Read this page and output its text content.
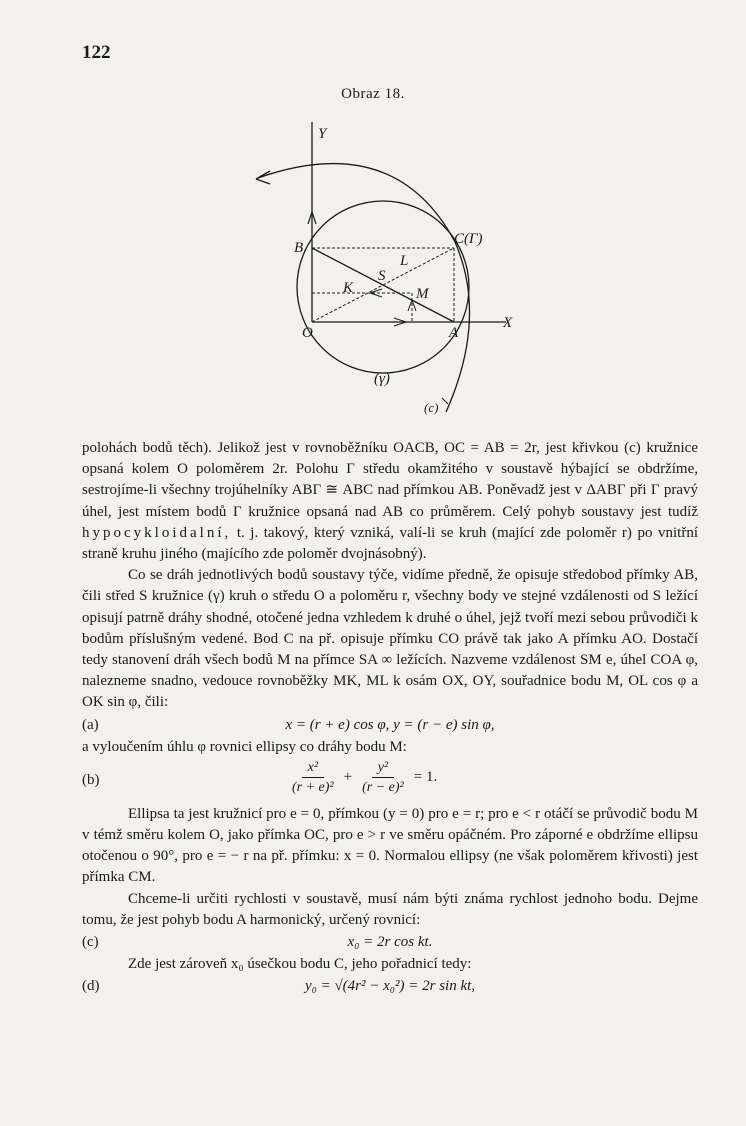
122
Obraz 18.
Y
X
B
C(Γ)
L
S
K	M
O	A
(γ)
(c)

polohách bodů těch). Jelikož jest v rovnoběžníku OACB, OC = AB = 2r, jest křivkou (c) kružnice opsaná kolem O poloměrem 2r. Polohu Γ středu okamžitého v soustavě hýbající se obdržíme, sestrojíme-li všechny trojúhelníky ABΓ ≅ ABC nad přímkou AB. Poněvadž jest v ΔABΓ při Γ pravý úhel, jest místem bodů Γ kružnice opsaná nad AB co průměrem. Celý pohyb soustavy jest tudíž hypocykloidalní, t. j. takový, který vzniká, valí-li se kruh (mající zde poloměr r) po vnitřní straně kruhu jiného (majícího zde poloměr dvojnásobný).

Co se dráh jednotlivých bodů soustavy týče, vidíme předně, že opisuje středobod přímky AB, čili střed S kružnice (γ) kruh o středu O a poloměru r, všechny body ve stejné vzdálenosti od S ležící opisují patrně dráhy shodné, otočené jedna vzhledem k druhé o úhel, jejž tvoří mezi sebou průvodiči k bodům příslušným vedené. Bod C na př. opisuje přímku CO právě tak jako A přímku AO. Dostačí tedy stanovení dráh všech bodů M na přímce SA ∞ ležících. Nazveme vzdálenost SM e, úhel COA φ, nalezneme snadno, vedouce rovnoběžky MK, ML k osám OX, OY, souřadnice bodu M, OL cos φ a OK sin φ, čili:

(a)	x = (r + e) cos φ, y = (r − e) sin φ,

a vyloučením úhlu φ rovnici ellipsy co dráhy bodu M:

(b)	$\frac{\text{x²}}{\text{(r + e)²}} + \frac{\text{y²}}{\text{(r − e)²}} = 1$.

Ellipsa ta jest kružnicí pro e = 0, přímkou (y = 0) pro e = r; pro e < r otáčí se průvodič bodu M v témž směru kolem O, jako přímka OC, pro e > r ve směru opáčném. Pro záporné e obdržíme ellipsu otočenou o 90°, pro e = − r na př. přímku: x = 0. Normalou ellipsy (ne však poloměrem křivosti) jest přímka CM.

Chceme-li určiti rychlosti v soustavě, musí nám býti známa rychlost jednoho bodu. Dejme tomu, že jest pohyb bodu A harmonický, určený rovnicí:

(c)	x₀ = 2r cos kt.

Zde jest zároveň x₀ úsečkou bodu C, jeho pořadnicí tedy:

(d)	y₀ = √(4r² − x₀²) = 2r sin kt,
